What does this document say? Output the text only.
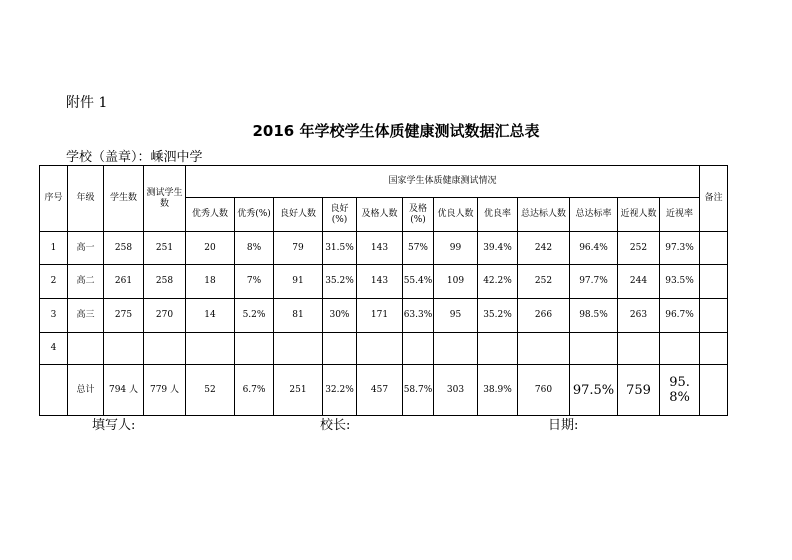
附件 1
2016 年学校学生体质健康测试数据汇总表
学校（盖章）：嵊泗中学
序号	年级	学生数	测试学生数	国家学生体质健康测试情况												备注
				优秀人数	优秀(%)	良好人数	良好(%)	及格人数	及格(%)	优良人数	优良率	总达标人数	总达标率	近视人数	近视率	
1	高一	258	251	20	8%	79	31.5%	143	57%	99	39.4%	242	96.4%	252	97.3%	
2	高二	261	258	18	7%	91	35.2%	143	55.4%	109	42.2%	252	97.7%	244	93.5%	
3	高三	275	270	14	5.2%	81	30%	171	63.3%	95	35.2%	266	98.5%	263	96.7%	
4																
	总计	794 人	779 人	52	6.7%	251	32.2%	457	58.7%	303	38.9%	760	97.5%	759	95.8%	
填写人:	校长:	日期:
